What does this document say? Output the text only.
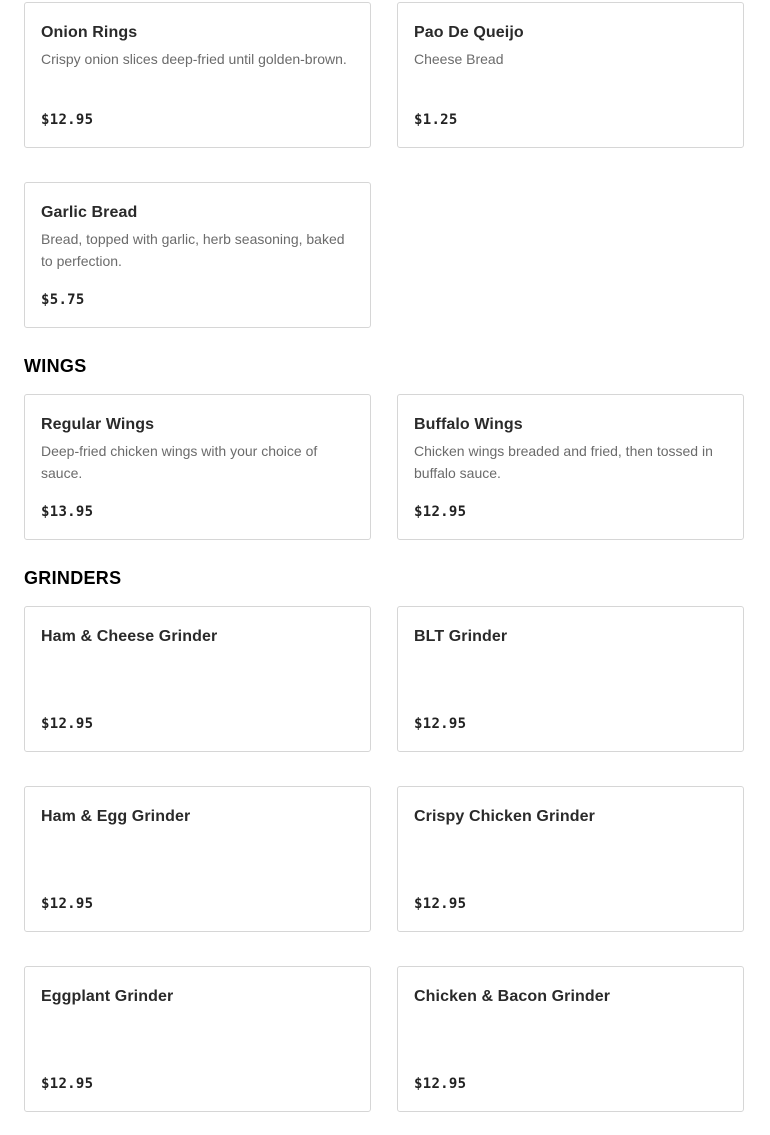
Onion Rings
Crispy onion slices deep-fried until golden-brown.
$12.95
Pao De Queijo
Cheese Bread
$1.25
Garlic Bread
Bread, topped with garlic, herb seasoning, baked to perfection.
$5.75
WINGS
Regular Wings
Deep-fried chicken wings with your choice of sauce.
$13.95
Buffalo Wings
Chicken wings breaded and fried, then tossed in buffalo sauce.
$12.95
GRINDERS
Ham & Cheese Grinder
$12.95
BLT Grinder
$12.95
Ham & Egg Grinder
$12.95
Crispy Chicken Grinder
$12.95
Eggplant Grinder
$12.95
Chicken & Bacon Grinder
$12.95
